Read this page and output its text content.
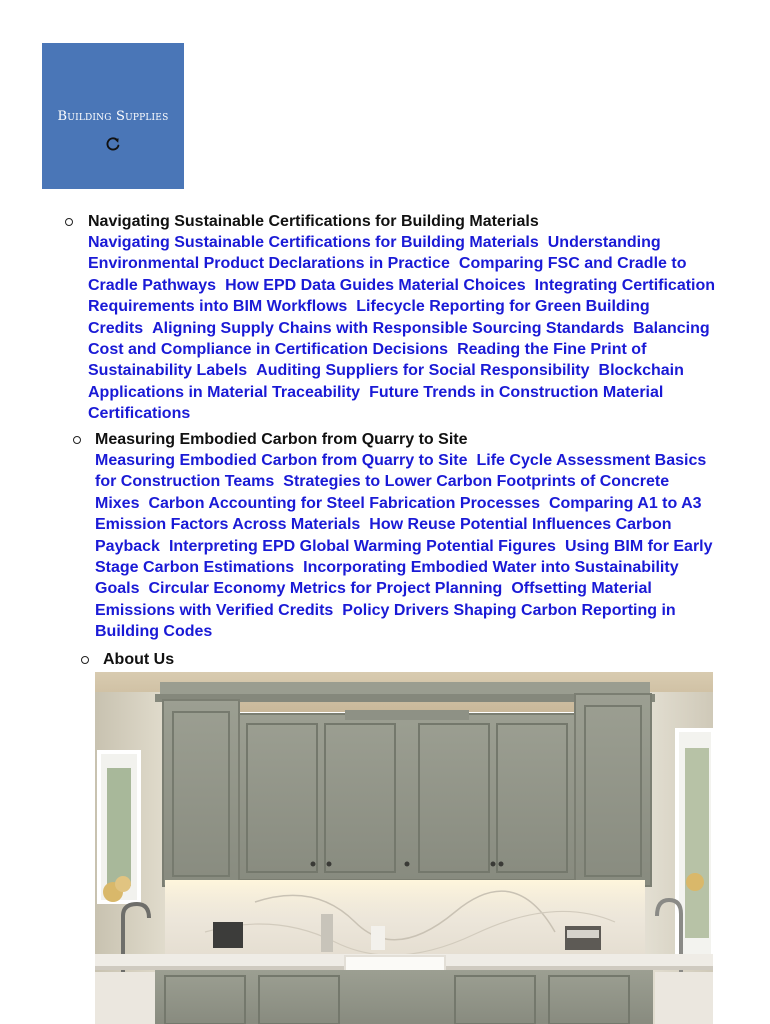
Building Supplies
Navigating Sustainable Certifications for Building Materials
Navigating Sustainable Certifications for Building Materials Understanding Environmental Product Declarations in Practice Comparing FSC and Cradle to Cradle Pathways How EPD Data Guides Material Choices Integrating Certification Requirements into BIM Workflows Lifecycle Reporting for Green Building Credits Aligning Supply Chains with Responsible Sourcing Standards Balancing Cost and Compliance in Certification Decisions Reading the Fine Print of Sustainability Labels Auditing Suppliers for Social Responsibility Blockchain Applications in Material Traceability Future Trends in Construction Material Certifications
Measuring Embodied Carbon from Quarry to Site
Measuring Embodied Carbon from Quarry to Site Life Cycle Assessment Basics for Construction Teams Strategies to Lower Carbon Footprints of Concrete Mixes Carbon Accounting for Steel Fabrication Processes Comparing A1 to A3 Emission Factors Across Materials How Reuse Potential Influences Carbon Payback Interpreting EPD Global Warming Potential Figures Using BIM for Early Stage Carbon Estimations Incorporating Embodied Water into Sustainability Goals Circular Economy Metrics for Project Planning Offsetting Material Emissions with Verified Credits Policy Drivers Shaping Carbon Reporting in Building Codes
About Us
